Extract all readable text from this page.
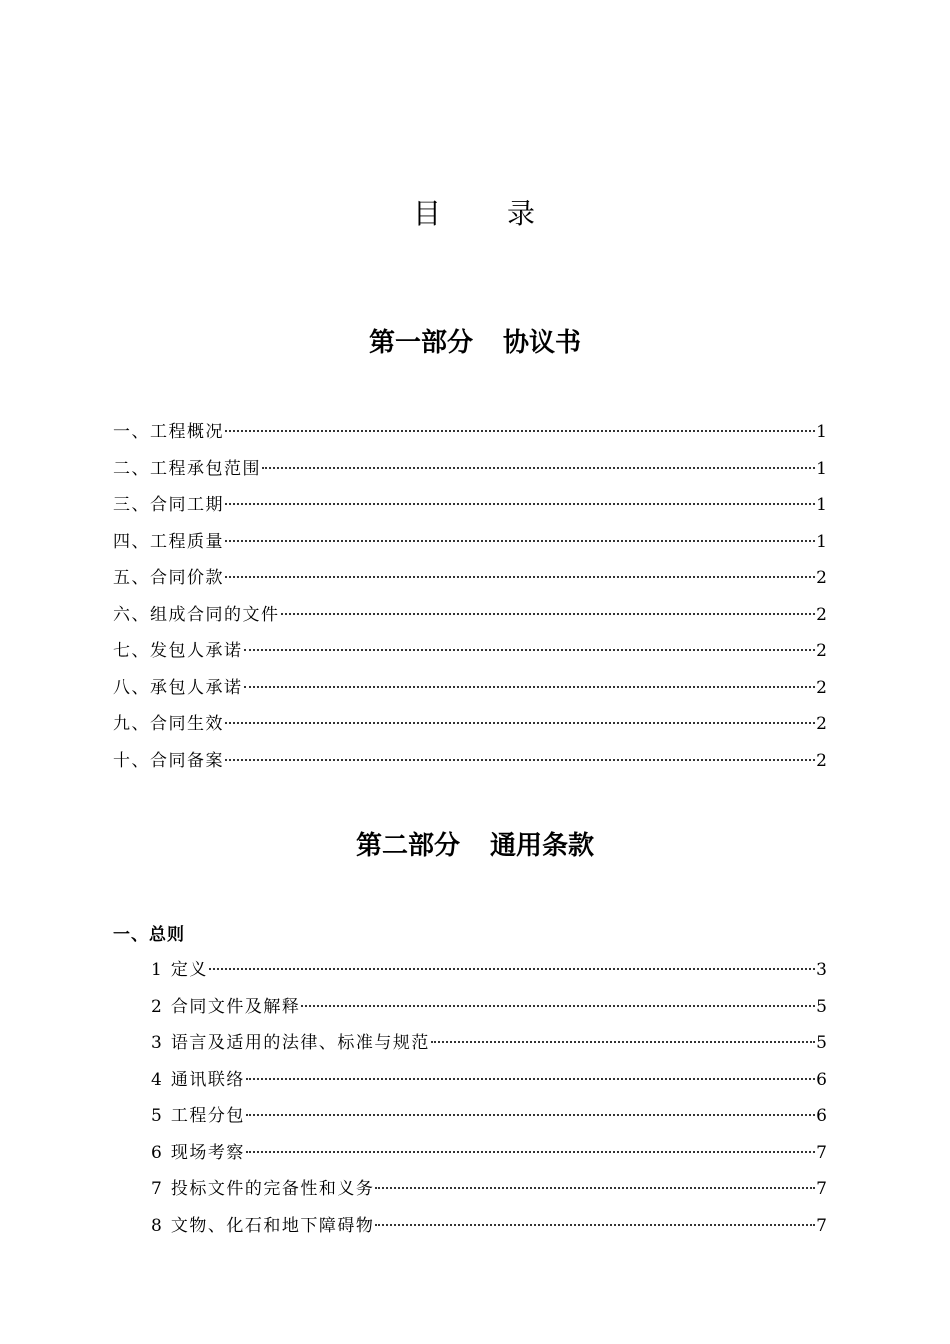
目 录
第一部分 协议书
一、工程概况	1
二、工程承包范围	1
三、合同工期	1
四、工程质量	1
五、合同价款	2
六、组成合同的文件	2
七、发包人承诺	2
八、承包人承诺	2
九、合同生效	2
十、合同备案	2
第二部分 通用条款
一、总则
1 定义	3
2 合同文件及解释	5
3 语言及适用的法律、标准与规范	5
4 通讯联络	6
5 工程分包	6
6 现场考察	7
7 投标文件的完备性和义务	7
8 文物、化石和地下障碍物	7
